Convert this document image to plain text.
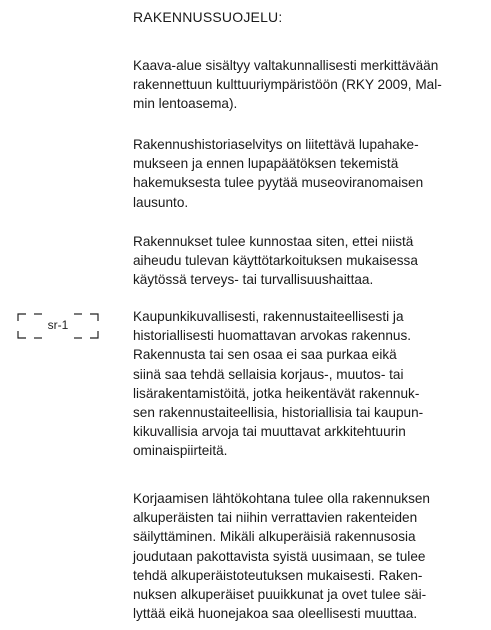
RAKENNUSSUOJELU:

Kaava-alue sisältyy valtakunnallisesti merkittävään
rakennettuun kulttuuriympäristöön (RKY 2009, Mal-
min lentoasema).

Rakennushistoriaselvitys on liitettävä lupahake-
mukseen ja ennen lupapäätöksen tekemistä
hakemuksesta tulee pyytää museoviranomaisen
lausunto.

Rakennukset tulee kunnostaa siten, ettei niistä
aiheudu tulevan käyttötarkoituksen mukaisessa
käytössä terveys- tai turvallisuushaittaa.

sr-1

Kaupunkikuvallisesti, rakennustaiteellisesti ja
historiallisesti huomattavan arvokas rakennus.
Rakennusta tai sen osaa ei saa purkaa eikä
siinä saa tehdä sellaisia korjaus-, muutos- tai
lisärakentamistöitä, jotka heikentävät rakennuk-
sen rakennustaiteellisia, historiallisia tai kaupun-
kikuvallisia arvoja tai muuttavat arkkitehtuurin
ominaispiirteitä.

Korjaamisen lähtökohtana tulee olla rakennuksen
alkuperäisten tai niihin verrattavien rakenteiden
säilyttäminen. Mikäli alkuperäisiä rakennusosia
joudutaan pakottavista syistä uusimaan, se tulee
tehdä alkuperäistoteutuksen mukaisesti. Raken-
nuksen alkuperäiset puuikkunat ja ovet tulee säi-
lyttää eikä huonejakoa saa oleellisesti muuttaa.
